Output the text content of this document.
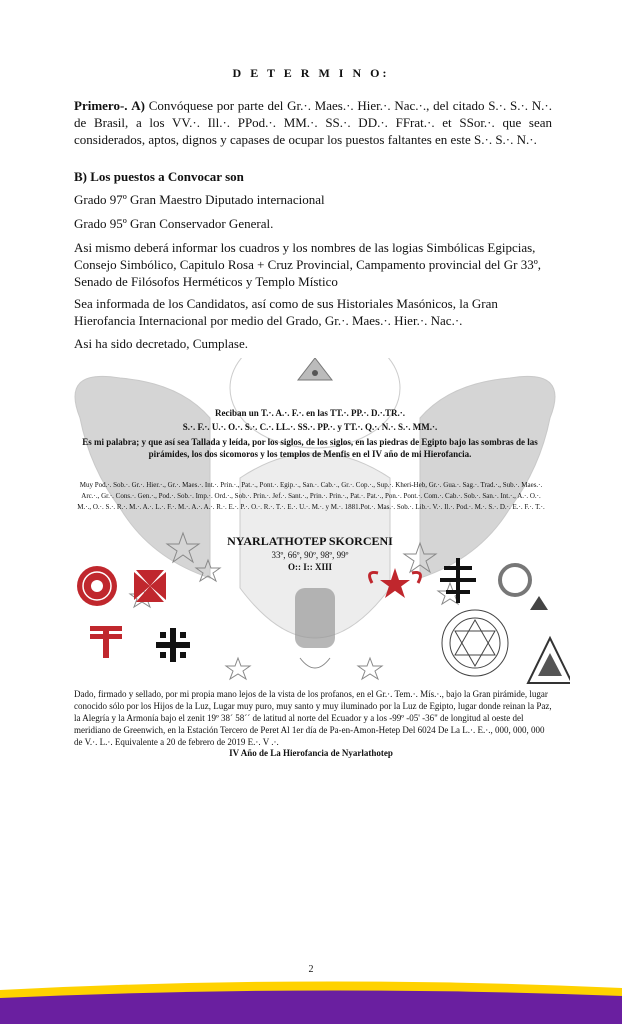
D E T E R M I N O:
Primero-. A) Convóquese por parte del Gr.·. Maes.·. Hier.·. Nac.·., del citado S.·. S.·. N.·. de Brasil, a los VV.·. Ill.·. PPod.·. MM.·. SS.·. DD.·. FFrat.·. et SSor.·. que sean considerados, aptos, dignos y capases de ocupar los puestos faltantes en este S.·. S.·. N.·.
B) Los puestos a Convocar son
Grado 97º Gran Maestro Diputado internacional
Grado 95º Gran Conservador General.
Asi mismo deberá informar los cuadros y los nombres de las logias Simbólicas Egipcias, Consejo Simbólico, Capitulo Rosa + Cruz Provincial, Campamento provincial del Gr 33º, Senado de Filósofos Herméticos y Templo Místico
Sea informada de los Candidatos, así como de sus Historiales Masónicos, la Gran Hierofancia Internacional por medio del Grado, Gr.·. Maes.·. Hier.·. Nac.·.
Asi ha sido decretado, Cumplase.
Reciban un T.·. A.·. F.·. en las TT.·. PP.·. D.·.TR.·.
S.·. F.·. U.·. O.·. S.·. C.·. LL.·. SS.·. PP.·. y TT.·. Q.·. N.·. S.·. MM.·.
Es mi palabra; y que así sea Tallada y leída, por los siglos, de los siglos, en las piedras de Egipto bajo las sombras de las pirámides, los dos sicomoros y los templos de Menfis en el IV año de mi Hierofancia.
Muy Pod.·. Sob.·. Gr.·. Hier.·., Gr.·. Maes.·. Int.·. Prin.·., Pat.·., Pont.·. Egip.·., San.·. Cab.·., Gr.·. Cop.·., Sup.·. Kheri-Heb, Gr.·. Gua.·. Sag.·. Trad.·., Sub.·. Maes.·. Arc.·., Gr.·. Cons.·. Gen.·., Pod.·. Sob.·. Imp.·. Ord.·., Sob.·. Prin.·. Jef.·. Sant.·., Prin.·. Prin.·., Pat.·. Pat.·., Pon.·. Pont.·. Com.·. Cab.·. Sob.·. San.·. Int.·., A.·. O.·. M.·., O.·. S.·. R.·. M.·. A.·. L.·. F.·. M.·. A.·. A.·. R.·. E.·. P.·. O.·. R.·. T.·. E.·. U.·. M.·. y M.·. 1881.Pot.·. Mas.·. Sob.·. Lib.·. V.·. Il.·. Pod.·. M.·. S.·. D.·. E.·. F.·. T.·.
NYARLATHOTEP SKORCENI
33º, 66º, 90º, 98º, 99º
O:: I:: XIII
Dado, firmado y sellado, por mi propia mano lejos de la vista de los profanos, en el Gr.·. Tem.·. Mís.·., bajo la Gran pirámide, lugar conocido sólo por los Hijos de la Luz, Lugar muy puro, muy santo y muy iluminado por la Luz de Egipto, lugar donde reinan la Paz, la Alegría y la Armonía bajo el zenit 19º 38´ 58´´ de latitud al norte del Ecuador y a los -99º -05' -36" de longitud al oeste del meridiano de Greenwich, en la Estación Tercero de Peret Al 1er día de Pa-en-Amon-Hetep Del 6024 De La L.·. E.·., 000, 000, 000 de V.·. L.·. Equivalente a 20 de febrero de 2019 E.·. V .·.
IV Año de La Hierofancia de Nyarlathotep
2
